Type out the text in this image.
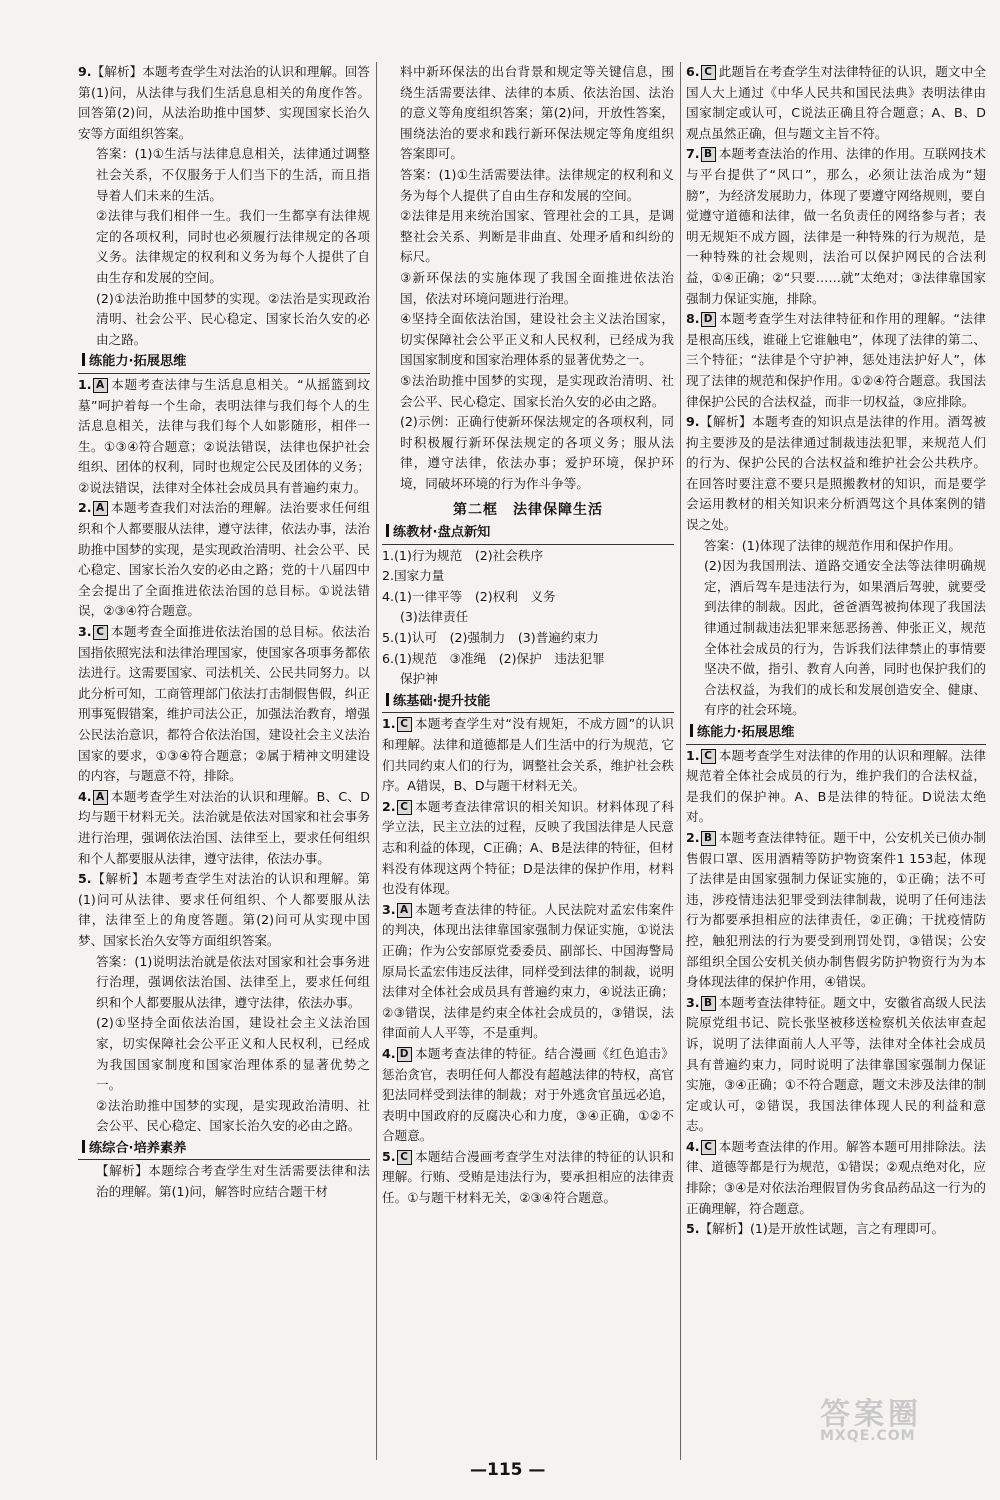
9.【解析】本题考查学生对法治的认识和理解。回答第(1)问，从法律与我们生活息息相关的角度作答。回答第(2)问，从法治助推中国梦、实现国家长治久安等方面组织答案。

答案：(1)①生活与法律息息相关，法律通过调整社会关系，不仅服务于人们当下的生活，而且指导着人们未来的生活。

②法律与我们相伴一生。我们一生都享有法律规定的各项权利，同时也必须履行法律规定的各项义务。法律规定的权利和义务为每个人提供了自由生存和发展的空间。

(2)①法治助推中国梦的实现。②法治是实现政治清明、社会公平、民心稳定、国家长治久安的必由之路。

练能力·拓展思维

1. A 本题考查法律与生活息息相关。“从摇篮到坟墓”呵护着每一个生命，表明法律与我们每个人的生活息息相关，法律与我们每个人如影随形，相伴一生。①③④符合题意；②说法错误，法律也保护社会组织、团体的权利，同时也规定公民及团体的义务；②说法错误，法律对全体社会成员具有普遍约束力。

2. A 本题考查我们对法治的理解。法治要求任何组织和个人都要服从法律，遵守法律，依法办事，法治助推中国梦的实现，是实现政治清明、社会公平、民心稳定、国家长治久安的必由之路；党的十八届四中全会提出了全面推进依法治国的总目标。①说法错误，②③④符合题意。

3. C 本题考查全面推进依法治国的总目标。依法治国指依照宪法和法律治理国家，使国家各项事务都依法进行。这需要国家、司法机关、公民共同努力。以此分析可知，工商管理部门依法打击制假售假，纠正刑事冤假错案，维护司法公正，加强法治教育，增强公民法治意识，都符合依法治国，建设社会主义法治国家的要求，①③④符合题意；②属于精神文明建设的内容，与题意不符，排除。

4. A 本题考查学生对法治的认识和理解。B、C、D均与题干材料无关。法治就是依法对国家和社会事务进行治理，强调依法治国、法律至上，要求任何组织和个人都要服从法律，遵守法律，依法办事。

5.【解析】本题考查学生对法治的认识和理解。第(1)问可从法律、要求任何组织、个人都要服从法律，法律至上的角度答题。第(2)问可从实现中国梦、国家长治久安等方面组织答案。

答案：(1)说明法治就是依法对国家和社会事务进行治理，强调依法治国、法律至上，要求任何组织和个人都要服从法律，遵守法律，依法办事。

(2)①坚持全面依法治国，建设社会主义法治国家，切实保障社会公平正义和人民权利，已经成为我国国家制度和国家治理体系的显著优势之一。

②法治助推中国梦的实现，是实现政治清明、社会公平、民心稳定、国家长治久安的必由之路。

练综合·培养素养

【解析】本题综合考查学生对生活需要法律和法治的理解。第(1)问，解答时应结合题干材

料中新环保法的出台背景和规定等关键信息，围绕生活需要法律、法律的本质、依法治国、法治的意义等角度组织答案；第(2)问，开放性答案，围绕法治的要求和践行新环保法规定等角度组织答案即可。

答案：(1)①生活需要法律。法律规定的权利和义务为每个人提供了自由生存和发展的空间。

②法律是用来统治国家、管理社会的工具，是调整社会关系、判断是非曲直、处理矛盾和纠纷的标尺。

③新环保法的实施体现了我国全面推进依法治国，依法对环境问题进行治理。

④坚持全面依法治国，建设社会主义法治国家，切实保障社会公平正义和人民权利，已经成为我国国家制度和国家治理体系的显著优势之一。

⑤法治助推中国梦的实现，是实现政治清明、社会公平、民心稳定、国家长治久安的必由之路。

(2)示例：正确行使新环保法规定的各项权利，同时积极履行新环保法规定的各项义务；服从法律，遵守法律，依法办事；爱护环境，保护环境，同破坏环境的行为作斗争等。

第二框　法律保障生活
练教材·盘点新知

1.(1)行为规范　(2)社会秩序

2.国家力量

4.(1)一律平等　(2)权利　义务

(3)法律责任

5.(1)认可　(2)强制力　(3)普遍约束力

6.(1)规范　③准绳　(2)保护　违法犯罪

保护神

练基础·提升技能

1. C 本题考查学生对“没有规矩，不成方圆”的认识和理解。法律和道德都是人们生活中的行为规范，它们共同约束人们的行为，调整社会关系，维护社会秩序。A错误，B、D与题干材料无关。

2. C 本题考查法律常识的相关知识。材料体现了科学立法，民主立法的过程，反映了我国法律是人民意志和利益的体现，C正确；A、B是法律的特征，但材料没有体现这两个特征；D是法律的保护作用，材料也没有体现。

3. A 本题考查法律的特征。人民法院对孟宏伟案件的判决，体现出法律靠国家强制力保证实施，①说法正确；作为公安部原党委委员、副部长、中国海警局原局长孟宏伟违反法律，同样受到法律的制裁，说明法律对全体社会成员具有普遍约束力，④说法正确；②③错误，法律是约束全体社会成员的，③错误，法律面前人人平等，不是重判。

4. D 本题考查法律的特征。结合漫画《红色追击》惩治贪官，表明任何人都没有超越法律的特权，高官犯法同样受到法律的制裁；对于外逃贪官虽远必追，表明中国政府的反腐决心和力度，③④正确，①②不合题意。

5. C 本题结合漫画考查学生对法律的特征的认识和理解。行贿、受贿是违法行为，要承担相应的法律责任。①与题干材料无关，②③④符合题意。

6. C 此题旨在考查学生对法律特征的认识，题文中全国人大上通过《中华人民共和国民法典》表明法律由国家制定或认可，C说法正确且符合题意；A、B、D观点虽然正确，但与题文主旨不符。

7. B 本题考查法治的作用、法律的作用。互联网技术与平台提供了“风口”，那么，必须让法治成为“翅膀”，为经济发展助力，体现了要遵守网络规则，要自觉遵守道德和法律，做一名负责任的网络参与者；表明无规矩不成方圆，法律是一种特殊的行为规范，是一种特殊的社会规则，法治可以保护网民的合法利益，①④正确；②“只要……就”太绝对；③法律靠国家强制力保证实施，排除。

8. D 本题考查学生对法律特征和作用的理解。“法律是根高压线，谁碰上它谁触电”，体现了法律的第二、三个特征；“法律是个守护神，惩处违法护好人”，体现了法律的规范和保护作用。①②④符合题意。我国法律保护公民的合法权益，而非一切权益，③应排除。

9.【解析】本题考查的知识点是法律的作用。酒驾被拘主要涉及的是法律通过制裁违法犯罪，来规范人们的行为、保护公民的合法权益和维护社会公共秩序。在回答时要注意不要只是照搬教材的知识，而是要学会运用教材的相关知识来分析酒驾这个具体案例的错误之处。

答案：(1)体现了法律的规范作用和保护作用。

(2)因为我国刑法、道路交通安全法等法律明确规定，酒后驾车是违法行为，如果酒后驾驶，就要受到法律的制裁。因此，爸爸酒驾被拘体现了我国法律通过制裁违法犯罪来惩恶扬善、伸张正义，规范全体社会成员的行为，告诉我们法律禁止的事情要坚决不做，指引、教育人向善，同时也保护我们的合法权益，为我们的成长和发展创造安全、健康、有序的社会环境。

练能力·拓展思维

1. C 本题考查学生对法律的作用的认识和理解。法律规范着全体社会成员的行为，维护我们的合法权益，是我们的保护神。A、B是法律的特征。D说法太绝对。

2. B 本题考查法律特征。题干中，公安机关已侦办制售假口罩、医用酒精等防护物资案件1 153起，体现了法律是由国家强制力保证实施的，①正确；法不可违，涉疫情违法犯罪受到法律制裁，说明了任何违法行为都要承担相应的法律责任，②正确；干扰疫情防控，触犯刑法的行为要受到刑罚处罚，③错误；公安部组织全国公安机关侦办制售假劣防护物资行为为本身体现法律的保护作用，④错误。

3. B 本题考查法律特征。题文中，安徽省高级人民法院原党组书记、院长张坚被移送检察机关依法审查起诉，说明了法律面前人人平等，法律对全体社会成员具有普遍约束力，同时说明了法律靠国家强制力保证实施，③④正确；①不符合题意，题文未涉及法律的制定或认可，②错误，我国法律体现人民的利益和意志。

4. C 本题考查法律的作用。解答本题可用排除法。法律、道德等都是行为规范，①错误；②观点绝对化，应排除；③④是对依法治理假冒伪劣食品药品这一行为的正确理解，符合题意。

5.【解析】(1)是开放性试题，言之有理即可。

—115 —
答案圈
MXQE.COM
